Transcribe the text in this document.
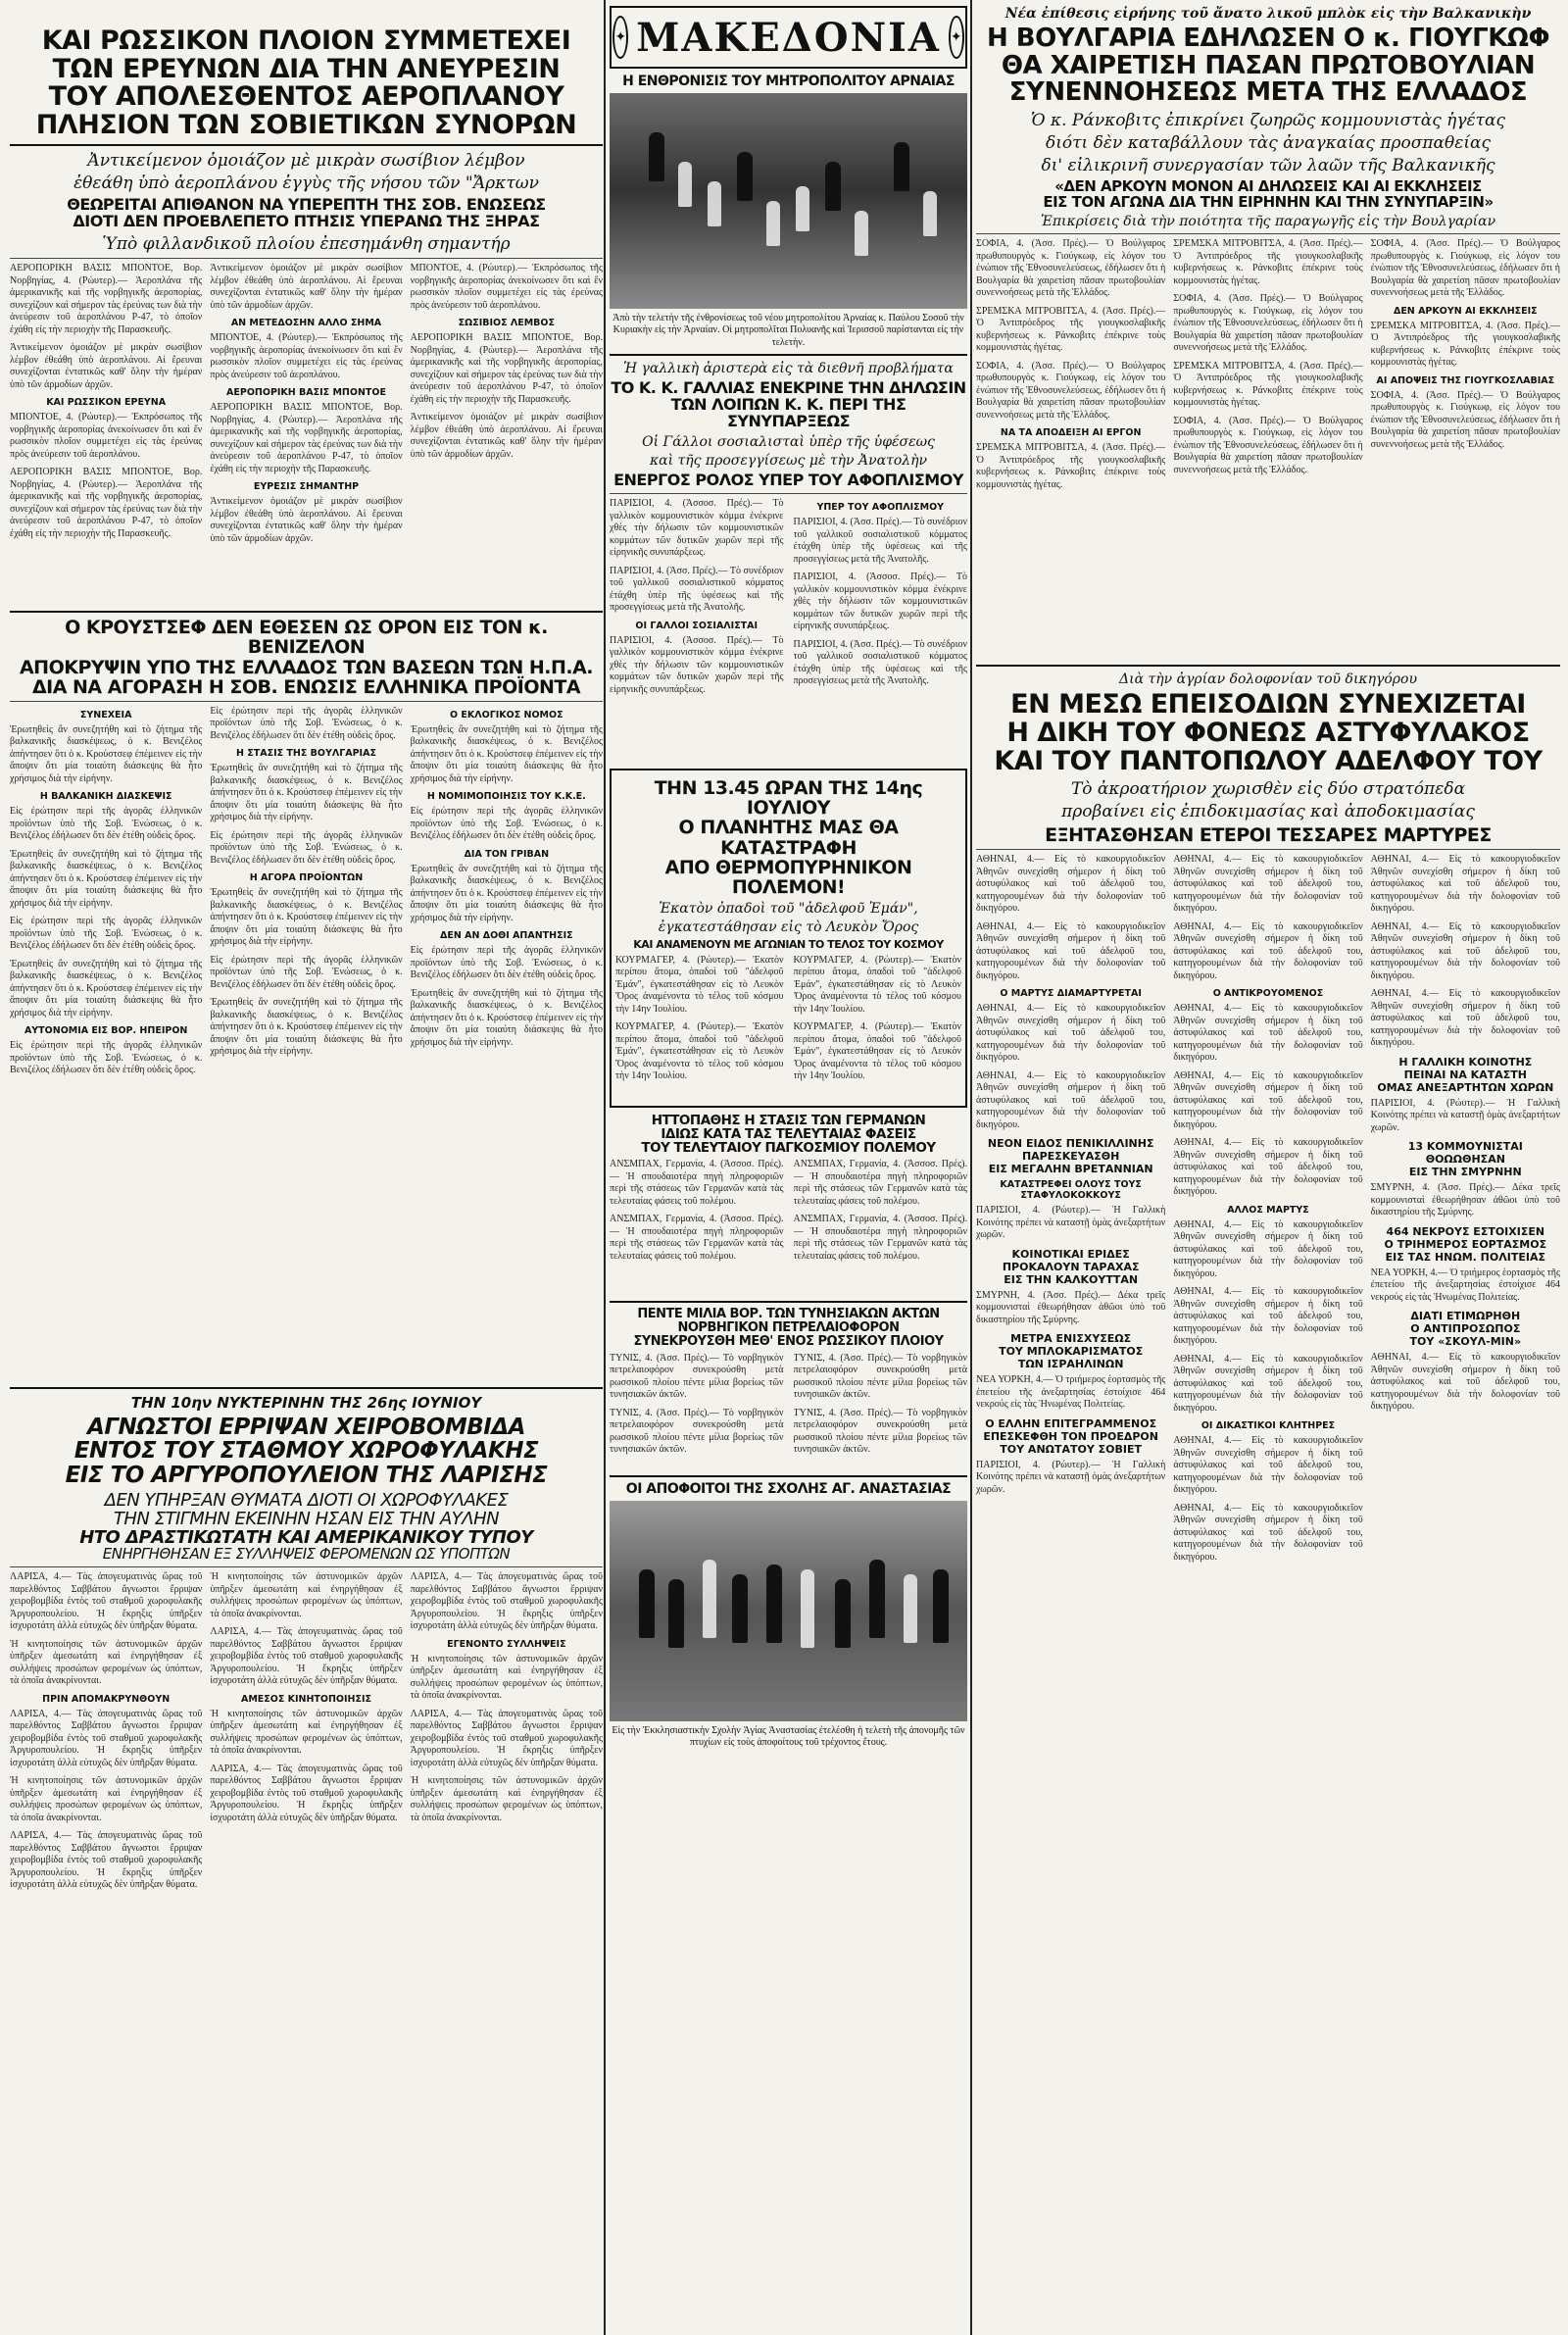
ΚΑΙ ΡΩΣΣΙΚΟΝ ΠΛΟΙΟΝ ΣΥΜΜΕΤΕΧΕΙ
ΤΩΝ ΕΡΕΥΝΩΝ ΔΙΑ ΤΗΝ ΑΝΕΥΡΕΣΙΝ
ΤΟΥ ΑΠΟΛΕΣΘΕΝΤΟΣ ΑΕΡΟΠΛΑΝΟΥ
ΠΛΗΣΙΟΝ ΤΩΝ ΣΟΒΙΕΤΙΚΩΝ ΣΥΝΟΡΩΝ
Ἀντικείμενον ὁμοιάζον μὲ μικρὰν σωσίβιον λέμβον
ἐθεάθη ὑπὸ ἀεροπλάνου ἐγγὺς τῆς νήσου τῶν "Ἄρκτων
ΘΕΩΡΕΙΤΑΙ ΑΠΙΘΑΝΟΝ ΝΑ ΥΠΕΡΕΠΤΗ ΤΗΣ ΣΟΒ. ΕΝΩΣΕΩΣ
ΔΙΟΤΙ ΔΕΝ ΠΡΟΕΒΛΕΠΕΤΟ ΠΤΗΣΙΣ ΥΠΕΡΑΝΩ ΤΗΣ ΞΗΡΑΣ
Ὑπὸ φιλλανδικοῦ πλοίου ἐπεσημάνθη σημαντήρ

ΑΕΡΟΠΟΡΙΚΗ ΒΑΣΙΣ ΜΠΟΝΤΟΕ, Βορ. Νορβηγίας, 4. (Ρώυτερ).— Ἀεροπλάνα τῆς ἀμερικανικῆς καὶ τῆς νορβηγικῆς ἀεροπορίας, συνεχίζουν καὶ σήμερον τὰς ἐρεύνας των διὰ τὴν ἀνεύρεσιν τοῦ ἀεροπλάνου P-47, τὸ ὁποῖον ἐχάθη εἰς τὴν περιοχὴν τῆς Παρασκευῆς.

Ἀντικείμενον ὁμοιάζον μὲ μικρὰν σωσίβιον λέμβον ἐθεάθη ὑπὸ ἀεροπλάνου. Αἱ ἔρευναι συνεχίζονται ἐντατικῶς καθ' ὅλην τὴν ἡμέραν ὑπὸ τῶν ἀρμοδίων ἀρχῶν.

ΚΑΙ ΡΩΣΣΙΚΟΝ ΕΡΕΥΝΑ

ΜΠΟΝΤΟΕ, 4. (Ρώυτερ).— Ἐκπρόσωπος τῆς νορβηγικῆς ἀεροπορίας ἀνεκοίνωσεν ὅτι καὶ ἕν ρωσσικὸν πλοῖον συμμετέχει εἰς τὰς ἐρεύνας πρὸς ἀνεύρεσιν τοῦ ἀεροπλάνου.

ΑΕΡΟΠΟΡΙΚΗ ΒΑΣΙΣ ΜΠΟΝΤΟΕ, Βορ. Νορβηγίας, 4. (Ρώυτερ).— Ἀεροπλάνα τῆς ἀμερικανικῆς καὶ τῆς νορβηγικῆς ἀεροπορίας, συνεχίζουν καὶ σήμερον τὰς ἐρεύνας των διὰ τὴν ἀνεύρεσιν τοῦ ἀεροπλάνου P-47, τὸ ὁποῖον ἐχάθη εἰς τὴν περιοχὴν τῆς Παρασκευῆς.

Ἀντικείμενον ὁμοιάζον μὲ μικρὰν σωσίβιον λέμβον ἐθεάθη ὑπὸ ἀεροπλάνου. Αἱ ἔρευναι συνεχίζονται ἐντατικῶς καθ' ὅλην τὴν ἡμέραν ὑπὸ τῶν ἀρμοδίων ἀρχῶν.

ΑΝ ΜΕΤΕΔΟΣΗΝ ΑΛΛΟ ΣΗΜΑ

ΜΠΟΝΤΟΕ, 4. (Ρώυτερ).— Ἐκπρόσωπος τῆς νορβηγικῆς ἀεροπορίας ἀνεκοίνωσεν ὅτι καὶ ἕν ρωσσικὸν πλοῖον συμμετέχει εἰς τὰς ἐρεύνας πρὸς ἀνεύρεσιν τοῦ ἀεροπλάνου.

ΑΕΡΟΠΟΡΙΚΗ ΒΑΣΙΣ ΜΠΟΝΤΟΕ

ΑΕΡΟΠΟΡΙΚΗ ΒΑΣΙΣ ΜΠΟΝΤΟΕ, Βορ. Νορβηγίας, 4. (Ρώυτερ).— Ἀεροπλάνα τῆς ἀμερικανικῆς καὶ τῆς νορβηγικῆς ἀεροπορίας, συνεχίζουν καὶ σήμερον τὰς ἐρεύνας των διὰ τὴν ἀνεύρεσιν τοῦ ἀεροπλάνου P-47, τὸ ὁποῖον ἐχάθη εἰς τὴν περιοχὴν τῆς Παρασκευῆς.

ΕΥΡΕΣΙΣ ΣΗΜΑΝΤΗΡ

Ἀντικείμενον ὁμοιάζον μὲ μικρὰν σωσίβιον λέμβον ἐθεάθη ὑπὸ ἀεροπλάνου. Αἱ ἔρευναι συνεχίζονται ἐντατικῶς καθ' ὅλην τὴν ἡμέραν ὑπὸ τῶν ἀρμοδίων ἀρχῶν.

ΜΠΟΝΤΟΕ, 4. (Ρώυτερ).— Ἐκπρόσωπος τῆς νορβηγικῆς ἀεροπορίας ἀνεκοίνωσεν ὅτι καὶ ἕν ρωσσικὸν πλοῖον συμμετέχει εἰς τὰς ἐρεύνας πρὸς ἀνεύρεσιν τοῦ ἀεροπλάνου.

ΣΩΣΙΒΙΟΣ ΛΕΜΒΟΣ

ΑΕΡΟΠΟΡΙΚΗ ΒΑΣΙΣ ΜΠΟΝΤΟΕ, Βορ. Νορβηγίας, 4. (Ρώυτερ).— Ἀεροπλάνα τῆς ἀμερικανικῆς καὶ τῆς νορβηγικῆς ἀεροπορίας, συνεχίζουν καὶ σήμερον τὰς ἐρεύνας των διὰ τὴν ἀνεύρεσιν τοῦ ἀεροπλάνου P-47, τὸ ὁποῖον ἐχάθη εἰς τὴν περιοχὴν τῆς Παρασκευῆς.

Ἀντικείμενον ὁμοιάζον μὲ μικρὰν σωσίβιον λέμβον ἐθεάθη ὑπὸ ἀεροπλάνου. Αἱ ἔρευναι συνεχίζονται ἐντατικῶς καθ' ὅλην τὴν ἡμέραν ὑπὸ τῶν ἀρμοδίων ἀρχῶν.

Ο ΚΡΟΥΣΤΣΕΦ ΔΕΝ ΕΘΕΣΕΝ ΩΣ ΟΡΟΝ ΕΙΣ ΤΟΝ κ. ΒΕΝΙΖΕΛΟΝ
ΑΠΟΚΡΥΨΙΝ ΥΠΟ ΤΗΣ ΕΛΛΑΔΟΣ ΤΩΝ ΒΑΣΕΩΝ ΤΩΝ Η.Π.Α.
ΔΙΑ ΝΑ ΑΓΟΡΑΣΗ Η ΣΟΒ. ΕΝΩΣΙΣ ΕΛΛΗΝΙΚΑ ΠΡΟΪΟΝΤΑ
ΣΥΝΕΧΕΙΑ

Ἐρωτηθεὶς ἂν συνεζητήθη καὶ τὸ ζήτημα τῆς βαλκανικῆς διασκέψεως, ὁ κ. Βενιζέλος ἀπήντησεν ὅτι ὁ κ. Κρούστσεφ ἐπέμεινεν εἰς τὴν ἄποψιν ὅτι μία τοιαύτη διάσκεψις θὰ ἦτο χρήσιμος διὰ τὴν εἰρήνην.

Η ΒΑΛΚΑΝΙΚΗ ΔΙΑΣΚΕΨΙΣ

Εἰς ἐρώτησιν περὶ τῆς ἀγορᾶς ἑλληνικῶν προϊόντων ὑπὸ τῆς Σοβ. Ἑνώσεως, ὁ κ. Βενιζέλος ἐδήλωσεν ὅτι δὲν ἐτέθη οὐδεὶς ὅρος.

Ἐρωτηθεὶς ἂν συνεζητήθη καὶ τὸ ζήτημα τῆς βαλκανικῆς διασκέψεως, ὁ κ. Βενιζέλος ἀπήντησεν ὅτι ὁ κ. Κρούστσεφ ἐπέμεινεν εἰς τὴν ἄποψιν ὅτι μία τοιαύτη διάσκεψις θὰ ἦτο χρήσιμος διὰ τὴν εἰρήνην.

Εἰς ἐρώτησιν περὶ τῆς ἀγορᾶς ἑλληνικῶν προϊόντων ὑπὸ τῆς Σοβ. Ἑνώσεως, ὁ κ. Βενιζέλος ἐδήλωσεν ὅτι δὲν ἐτέθη οὐδεὶς ὅρος.

Ἐρωτηθεὶς ἂν συνεζητήθη καὶ τὸ ζήτημα τῆς βαλκανικῆς διασκέψεως, ὁ κ. Βενιζέλος ἀπήντησεν ὅτι ὁ κ. Κρούστσεφ ἐπέμεινεν εἰς τὴν ἄποψιν ὅτι μία τοιαύτη διάσκεψις θὰ ἦτο χρήσιμος διὰ τὴν εἰρήνην.

ΑΥΤΟΝΟΜΙΑ ΕΙΣ ΒΟΡ. ΗΠΕΙΡΟΝ

Εἰς ἐρώτησιν περὶ τῆς ἀγορᾶς ἑλληνικῶν προϊόντων ὑπὸ τῆς Σοβ. Ἑνώσεως, ὁ κ. Βενιζέλος ἐδήλωσεν ὅτι δὲν ἐτέθη οὐδεὶς ὅρος.

Εἰς ἐρώτησιν περὶ τῆς ἀγορᾶς ἑλληνικῶν προϊόντων ὑπὸ τῆς Σοβ. Ἑνώσεως, ὁ κ. Βενιζέλος ἐδήλωσεν ὅτι δὲν ἐτέθη οὐδεὶς ὅρος.

Η ΣΤΑΣΙΣ ΤΗΣ ΒΟΥΛΓΑΡΙΑΣ

Ἐρωτηθεὶς ἂν συνεζητήθη καὶ τὸ ζήτημα τῆς βαλκανικῆς διασκέψεως, ὁ κ. Βενιζέλος ἀπήντησεν ὅτι ὁ κ. Κρούστσεφ ἐπέμεινεν εἰς τὴν ἄποψιν ὅτι μία τοιαύτη διάσκεψις θὰ ἦτο χρήσιμος διὰ τὴν εἰρήνην.

Εἰς ἐρώτησιν περὶ τῆς ἀγορᾶς ἑλληνικῶν προϊόντων ὑπὸ τῆς Σοβ. Ἑνώσεως, ὁ κ. Βενιζέλος ἐδήλωσεν ὅτι δὲν ἐτέθη οὐδεὶς ὅρος.

Η ΑΓΟΡΑ ΠΡΟΪΟΝΤΩΝ

Ἐρωτηθεὶς ἂν συνεζητήθη καὶ τὸ ζήτημα τῆς βαλκανικῆς διασκέψεως, ὁ κ. Βενιζέλος ἀπήντησεν ὅτι ὁ κ. Κρούστσεφ ἐπέμεινεν εἰς τὴν ἄποψιν ὅτι μία τοιαύτη διάσκεψις θὰ ἦτο χρήσιμος διὰ τὴν εἰρήνην.

Εἰς ἐρώτησιν περὶ τῆς ἀγορᾶς ἑλληνικῶν προϊόντων ὑπὸ τῆς Σοβ. Ἑνώσεως, ὁ κ. Βενιζέλος ἐδήλωσεν ὅτι δὲν ἐτέθη οὐδεὶς ὅρος.

Ἐρωτηθεὶς ἂν συνεζητήθη καὶ τὸ ζήτημα τῆς βαλκανικῆς διασκέψεως, ὁ κ. Βενιζέλος ἀπήντησεν ὅτι ὁ κ. Κρούστσεφ ἐπέμεινεν εἰς τὴν ἄποψιν ὅτι μία τοιαύτη διάσκεψις θὰ ἦτο χρήσιμος διὰ τὴν εἰρήνην.

Ο ΕΚΛΟΓΙΚΟΣ ΝΟΜΟΣ

Ἐρωτηθεὶς ἂν συνεζητήθη καὶ τὸ ζήτημα τῆς βαλκανικῆς διασκέψεως, ὁ κ. Βενιζέλος ἀπήντησεν ὅτι ὁ κ. Κρούστσεφ ἐπέμεινεν εἰς τὴν ἄποψιν ὅτι μία τοιαύτη διάσκεψις θὰ ἦτο χρήσιμος διὰ τὴν εἰρήνην.

Η ΝΟΜΙΜΟΠΟΙΗΣΙΣ ΤΟΥ Κ.Κ.Ε.

Εἰς ἐρώτησιν περὶ τῆς ἀγορᾶς ἑλληνικῶν προϊόντων ὑπὸ τῆς Σοβ. Ἑνώσεως, ὁ κ. Βενιζέλος ἐδήλωσεν ὅτι δὲν ἐτέθη οὐδεὶς ὅρος.

ΔΙΑ ΤΟΝ ΓΡΙΒΑΝ

Ἐρωτηθεὶς ἂν συνεζητήθη καὶ τὸ ζήτημα τῆς βαλκανικῆς διασκέψεως, ὁ κ. Βενιζέλος ἀπήντησεν ὅτι ὁ κ. Κρούστσεφ ἐπέμεινεν εἰς τὴν ἄποψιν ὅτι μία τοιαύτη διάσκεψις θὰ ἦτο χρήσιμος διὰ τὴν εἰρήνην.

ΔΕΝ ΑΝ ΔΟΘΙ ΑΠΑΝΤΗΣΙΣ

Εἰς ἐρώτησιν περὶ τῆς ἀγορᾶς ἑλληνικῶν προϊόντων ὑπὸ τῆς Σοβ. Ἑνώσεως, ὁ κ. Βενιζέλος ἐδήλωσεν ὅτι δὲν ἐτέθη οὐδεὶς ὅρος.

Ἐρωτηθεὶς ἂν συνεζητήθη καὶ τὸ ζήτημα τῆς βαλκανικῆς διασκέψεως, ὁ κ. Βενιζέλος ἀπήντησεν ὅτι ὁ κ. Κρούστσεφ ἐπέμεινεν εἰς τὴν ἄποψιν ὅτι μία τοιαύτη διάσκεψις θὰ ἦτο χρήσιμος διὰ τὴν εἰρήνην.

ΤΗΝ 10ην ΝΥΚΤΕΡΙΝΗΝ ΤΗΣ 26ης ΙΟΥΝΙΟΥ
ΑΓΝΩΣΤΟΙ ΕΡΡΙΨΑΝ ΧΕΙΡΟΒΟΜΒΙΔΑ
ΕΝΤΟΣ ΤΟΥ ΣΤΑΘΜΟΥ ΧΩΡΟΦΥΛΑΚΗΣ
ΕΙΣ ΤΟ ΑΡΓΥΡΟΠΟΥΛΕΙΟΝ ΤΗΣ ΛΑΡΙΣΗΣ
ΔΕΝ ΥΠΗΡΞΑΝ ΘΥΜΑΤΑ ΔΙΟΤΙ ΟΙ ΧΩΡΟΦΥΛΑΚΕΣ
ΤΗΝ ΣΤΙΓΜΗΝ ΕΚΕΙΝΗΝ ΗΣΑΝ ΕΙΣ ΤΗΝ ΑΥΛΗΝ
ΗΤΟ ΔΡΑΣΤΙΚΩΤΑΤΗ ΚΑΙ ΑΜΕΡΙΚΑΝΙΚΟΥ ΤΥΠΟΥ
ΕΝΗΡΓΗΘΗΣΑΝ ΕΞ ΣΥΛΛΗΨΕΙΣ ΦΕΡΟΜΕΝΩΝ ΩΣ ΥΠΟΠΤΩΝ

ΛΑΡΙΣΑ, 4.— Τὰς ἀπογευματινὰς ὥρας τοῦ παρελθόντος Σαββάτου ἄγνωστοι ἔρριψαν χειροβομβίδα ἐντὸς τοῦ σταθμοῦ χωροφυλακῆς Ἀργυροπουλείου. Ἡ ἔκρηξις ὑπῆρξεν ἰσχυροτάτη ἀλλὰ εὐτυχῶς δὲν ὑπῆρξαν θύματα.

Ἡ κινητοποίησις τῶν ἀστυνομικῶν ἀρχῶν ὑπῆρξεν ἀμεσωτάτη καὶ ἐνηργήθησαν ἐξ συλλήψεις προσώπων φερομένων ὡς ὑπόπτων, τὰ ὁποῖα ἀνακρίνονται.

ΠΡΙΝ ΑΠΟΜΑΚΡΥΝΘΟΥΝ

ΛΑΡΙΣΑ, 4.— Τὰς ἀπογευματινὰς ὥρας τοῦ παρελθόντος Σαββάτου ἄγνωστοι ἔρριψαν χειροβομβίδα ἐντὸς τοῦ σταθμοῦ χωροφυλακῆς Ἀργυροπουλείου. Ἡ ἔκρηξις ὑπῆρξεν ἰσχυροτάτη ἀλλὰ εὐτυχῶς δὲν ὑπῆρξαν θύματα.

Ἡ κινητοποίησις τῶν ἀστυνομικῶν ἀρχῶν ὑπῆρξεν ἀμεσωτάτη καὶ ἐνηργήθησαν ἐξ συλλήψεις προσώπων φερομένων ὡς ὑπόπτων, τὰ ὁποῖα ἀνακρίνονται.

ΛΑΡΙΣΑ, 4.— Τὰς ἀπογευματινὰς ὥρας τοῦ παρελθόντος Σαββάτου ἄγνωστοι ἔρριψαν χειροβομβίδα ἐντὸς τοῦ σταθμοῦ χωροφυλακῆς Ἀργυροπουλείου. Ἡ ἔκρηξις ὑπῆρξεν ἰσχυροτάτη ἀλλὰ εὐτυχῶς δὲν ὑπῆρξαν θύματα.

Ἡ κινητοποίησις τῶν ἀστυνομικῶν ἀρχῶν ὑπῆρξεν ἀμεσωτάτη καὶ ἐνηργήθησαν ἐξ συλλήψεις προσώπων φερομένων ὡς ὑπόπτων, τὰ ὁποῖα ἀνακρίνονται.

ΛΑΡΙΣΑ, 4.— Τὰς ἀπογευματινὰς ὥρας τοῦ παρελθόντος Σαββάτου ἄγνωστοι ἔρριψαν χειροβομβίδα ἐντὸς τοῦ σταθμοῦ χωροφυλακῆς Ἀργυροπουλείου. Ἡ ἔκρηξις ὑπῆρξεν ἰσχυροτάτη ἀλλὰ εὐτυχῶς δὲν ὑπῆρξαν θύματα.

ΑΜΕΣΟΣ ΚΙΝΗΤΟΠΟΙΗΣΙΣ

Ἡ κινητοποίησις τῶν ἀστυνομικῶν ἀρχῶν ὑπῆρξεν ἀμεσωτάτη καὶ ἐνηργήθησαν ἐξ συλλήψεις προσώπων φερομένων ὡς ὑπόπτων, τὰ ὁποῖα ἀνακρίνονται.

ΛΑΡΙΣΑ, 4.— Τὰς ἀπογευματινὰς ὥρας τοῦ παρελθόντος Σαββάτου ἄγνωστοι ἔρριψαν χειροβομβίδα ἐντὸς τοῦ σταθμοῦ χωροφυλακῆς Ἀργυροπουλείου. Ἡ ἔκρηξις ὑπῆρξεν ἰσχυροτάτη ἀλλὰ εὐτυχῶς δὲν ὑπῆρξαν θύματα.

ΛΑΡΙΣΑ, 4.— Τὰς ἀπογευματινὰς ὥρας τοῦ παρελθόντος Σαββάτου ἄγνωστοι ἔρριψαν χειροβομβίδα ἐντὸς τοῦ σταθμοῦ χωροφυλακῆς Ἀργυροπουλείου. Ἡ ἔκρηξις ὑπῆρξεν ἰσχυροτάτη ἀλλὰ εὐτυχῶς δὲν ὑπῆρξαν θύματα.

ΕΓΕΝΟΝΤΟ ΣΥΛΛΗΨΕΙΣ

Ἡ κινητοποίησις τῶν ἀστυνομικῶν ἀρχῶν ὑπῆρξεν ἀμεσωτάτη καὶ ἐνηργήθησαν ἐξ συλλήψεις προσώπων φερομένων ὡς ὑπόπτων, τὰ ὁποῖα ἀνακρίνονται.

ΛΑΡΙΣΑ, 4.— Τὰς ἀπογευματινὰς ὥρας τοῦ παρελθόντος Σαββάτου ἄγνωστοι ἔρριψαν χειροβομβίδα ἐντὸς τοῦ σταθμοῦ χωροφυλακῆς Ἀργυροπουλείου. Ἡ ἔκρηξις ὑπῆρξεν ἰσχυροτάτη ἀλλὰ εὐτυχῶς δὲν ὑπῆρξαν θύματα.

Ἡ κινητοποίησις τῶν ἀστυνομικῶν ἀρχῶν ὑπῆρξεν ἀμεσωτάτη καὶ ἐνηργήθησαν ἐξ συλλήψεις προσώπων φερομένων ὡς ὑπόπτων, τὰ ὁποῖα ἀνακρίνονται.

✦ ΜΑΚΕΔΟΝΙΑ ✦
Η ΕΝΘΡΟΝΙΣΙΣ ΤΟΥ ΜΗΤΡΟΠΟΛΙΤΟΥ ΑΡΝΑΙΑΣ
Ἀπὸ τὴν τελετὴν τῆς ἐνθρονίσεως τοῦ νέου μητροπολίτου Ἀρναίας κ. Παύλου Σοσοῦ τὴν Κυριακὴν εἰς τὴν Ἀρναίαν. Οἱ μητροπολῖται Πολυανῆς καὶ Ἱερισσοῦ παρίστανται εἰς τὴν τελετὴν.
Ἡ γαλλικὴ ἀριστερὰ εἰς τὰ διεθνῆ προβλήματα
ΤΟ Κ. Κ. ΓΑΛΛΙΑΣ ΕΝΕΚΡΙΝΕ ΤΗΝ ΔΗΛΩΣΙΝ
ΤΩΝ ΛΟΙΠΩΝ Κ. Κ. ΠΕΡΙ ΤΗΣ ΣΥΝΥΠΑΡΞΕΩΣ
Οἱ Γάλλοι σοσιαλισταὶ ὑπὲρ τῆς ὑφέσεως
καὶ τῆς προσεγγίσεως μὲ τὴν Ἀνατολὴν
ΕΝΕΡΓΟΣ ΡΟΛΟΣ ΥΠΕΡ ΤΟΥ ΑΦΟΠΛΙΣΜΟΥ

ΠΑΡΙΣΙΟΙ, 4. (Ἀσσοσ. Πρές).— Τὸ γαλλικὸν κομμουνιστικὸν κόμμα ἐνέκρινε χθὲς τὴν δήλωσιν τῶν κομμουνιστικῶν κομμάτων τῶν δυτικῶν χωρῶν περὶ τῆς εἰρηνικῆς συνυπάρξεως.

ΠΑΡΙΣΙΟΙ, 4. (Ἀσσ. Πρές).— Τὸ συνέδριον τοῦ γαλλικοῦ σοσιαλιστικοῦ κόμματος ἐτάχθη ὑπὲρ τῆς ὑφέσεως καὶ τῆς προσεγγίσεως μετὰ τῆς Ἀνατολῆς.

ΟΙ ΓΑΛΛΟΙ ΣΟΣΙΑΛΙΣΤΑΙ

ΠΑΡΙΣΙΟΙ, 4. (Ἀσσοσ. Πρές).— Τὸ γαλλικὸν κομμουνιστικὸν κόμμα ἐνέκρινε χθὲς τὴν δήλωσιν τῶν κομμουνιστικῶν κομμάτων τῶν δυτικῶν χωρῶν περὶ τῆς εἰρηνικῆς συνυπάρξεως.

ΥΠΕΡ ΤΟΥ ΑΦΟΠΛΙΣΜΟΥ

ΠΑΡΙΣΙΟΙ, 4. (Ἀσσ. Πρές).— Τὸ συνέδριον τοῦ γαλλικοῦ σοσιαλιστικοῦ κόμματος ἐτάχθη ὑπὲρ τῆς ὑφέσεως καὶ τῆς προσεγγίσεως μετὰ τῆς Ἀνατολῆς.

ΠΑΡΙΣΙΟΙ, 4. (Ἀσσοσ. Πρές).— Τὸ γαλλικὸν κομμουνιστικὸν κόμμα ἐνέκρινε χθὲς τὴν δήλωσιν τῶν κομμουνιστικῶν κομμάτων τῶν δυτικῶν χωρῶν περὶ τῆς εἰρηνικῆς συνυπάρξεως.

ΠΑΡΙΣΙΟΙ, 4. (Ἀσσ. Πρές).— Τὸ συνέδριον τοῦ γαλλικοῦ σοσιαλιστικοῦ κόμματος ἐτάχθη ὑπὲρ τῆς ὑφέσεως καὶ τῆς προσεγγίσεως μετὰ τῆς Ἀνατολῆς.

ΤΗΝ 13.45 ΩΡΑΝ ΤΗΣ 14ης ΙΟΥΛΙΟΥ
Ο ΠΛΑΝΗΤΗΣ ΜΑΣ ΘΑ ΚΑΤΑΣΤΡΑΦΗ
ΑΠΟ ΘΕΡΜΟΠΥΡΗΝΙΚΟΝ ΠΟΛΕΜΟΝ!
Ἑκατὸν ὀπαδοὶ τοῦ "ἀδελφοῦ Ἐμάν",
ἐγκατεστάθησαν εἰς τὸ Λευκὸν Ὄρος
ΚΑΙ ΑΝΑΜΕΝΟΥΝ ΜΕ ΑΓΩΝΙΑΝ ΤΟ ΤΕΛΟΣ ΤΟΥ ΚΟΣΜΟΥ

ΚΟΥΡΜΑΓΕΡ, 4. (Ρώυτερ).— Ἑκατὸν περίπου ἄτομα, ὀπαδοὶ τοῦ "ἀδελφοῦ Ἐμάν", ἐγκατεστάθησαν εἰς τὸ Λευκὸν Ὄρος ἀναμένοντα τὸ τέλος τοῦ κόσμου τὴν 14ην Ἰουλίου.

ΚΟΥΡΜΑΓΕΡ, 4. (Ρώυτερ).— Ἑκατὸν περίπου ἄτομα, ὀπαδοὶ τοῦ "ἀδελφοῦ Ἐμάν", ἐγκατεστάθησαν εἰς τὸ Λευκὸν Ὄρος ἀναμένοντα τὸ τέλος τοῦ κόσμου τὴν 14ην Ἰουλίου.

ΚΟΥΡΜΑΓΕΡ, 4. (Ρώυτερ).— Ἑκατὸν περίπου ἄτομα, ὀπαδοὶ τοῦ "ἀδελφοῦ Ἐμάν", ἐγκατεστάθησαν εἰς τὸ Λευκὸν Ὄρος ἀναμένοντα τὸ τέλος τοῦ κόσμου τὴν 14ην Ἰουλίου.

ΚΟΥΡΜΑΓΕΡ, 4. (Ρώυτερ).— Ἑκατὸν περίπου ἄτομα, ὀπαδοὶ τοῦ "ἀδελφοῦ Ἐμάν", ἐγκατεστάθησαν εἰς τὸ Λευκὸν Ὄρος ἀναμένοντα τὸ τέλος τοῦ κόσμου τὴν 14ην Ἰουλίου.

ΗΤΤΟΠΑΘΗΣ Η ΣΤΑΣΙΣ ΤΩΝ ΓΕΡΜΑΝΩΝ
ΙΔΙΩΣ ΚΑΤΑ ΤΑΣ ΤΕΛΕΥΤΑΙΑΣ ΦΑΣΕΙΣ
ΤΟΥ ΤΕΛΕΥΤΑΙΟΥ ΠΑΓΚΟΣΜΙΟΥ ΠΟΛΕΜΟΥ

ΑΝΣΜΠΑΧ, Γερμανία, 4. (Ἀσσοσ. Πρές).— Ἡ σπουδαιοτέρα πηγὴ πληροφοριῶν περὶ τῆς στάσεως τῶν Γερμανῶν κατὰ τὰς τελευταίας φάσεις τοῦ πολέμου.

ΑΝΣΜΠΑΧ, Γερμανία, 4. (Ἀσσοσ. Πρές).— Ἡ σπουδαιοτέρα πηγὴ πληροφοριῶν περὶ τῆς στάσεως τῶν Γερμανῶν κατὰ τὰς τελευταίας φάσεις τοῦ πολέμου.

ΑΝΣΜΠΑΧ, Γερμανία, 4. (Ἀσσοσ. Πρές).— Ἡ σπουδαιοτέρα πηγὴ πληροφοριῶν περὶ τῆς στάσεως τῶν Γερμανῶν κατὰ τὰς τελευταίας φάσεις τοῦ πολέμου.

ΑΝΣΜΠΑΧ, Γερμανία, 4. (Ἀσσοσ. Πρές).— Ἡ σπουδαιοτέρα πηγὴ πληροφοριῶν περὶ τῆς στάσεως τῶν Γερμανῶν κατὰ τὰς τελευταίας φάσεις τοῦ πολέμου.

ΠΕΝΤΕ ΜΙΛΙΑ ΒΟΡ. ΤΩΝ ΤΥΝΗΣΙΑΚΩΝ ΑΚΤΩΝ
ΝΟΡΒΗΓΙΚΟΝ ΠΕΤΡΕΛΑΙΟΦΟΡΟΝ
ΣΥΝΕΚΡΟΥΣΘΗ ΜΕΘ' ΕΝΟΣ ΡΩΣΣΙΚΟΥ ΠΛΟΙΟΥ

ΤΥΝΙΣ, 4. (Ἀσσ. Πρές).— Τὸ νορβηγικὸν πετρελαιοφόρον συνεκρούσθη μετὰ ρωσσικοῦ πλοίου πέντε μίλια βορείως τῶν τυνησιακῶν ἀκτῶν.

ΤΥΝΙΣ, 4. (Ἀσσ. Πρές).— Τὸ νορβηγικὸν πετρελαιοφόρον συνεκρούσθη μετὰ ρωσσικοῦ πλοίου πέντε μίλια βορείως τῶν τυνησιακῶν ἀκτῶν.

ΤΥΝΙΣ, 4. (Ἀσσ. Πρές).— Τὸ νορβηγικὸν πετρελαιοφόρον συνεκρούσθη μετὰ ρωσσικοῦ πλοίου πέντε μίλια βορείως τῶν τυνησιακῶν ἀκτῶν.

ΤΥΝΙΣ, 4. (Ἀσσ. Πρές).— Τὸ νορβηγικὸν πετρελαιοφόρον συνεκρούσθη μετὰ ρωσσικοῦ πλοίου πέντε μίλια βορείως τῶν τυνησιακῶν ἀκτῶν.

ΟΙ ΑΠΟΦΟΙΤΟΙ ΤΗΣ ΣΧΟΛΗΣ ΑΓ. ΑΝΑΣΤΑΣΙΑΣ
Εἰς τὴν Ἐκκλησιαστικὴν Σχολὴν Ἁγίας Ἀναστασίας ἐτελέσθη ἡ τελετὴ τῆς ἀπονομῆς τῶν πτυχίων εἰς τοὺς ἀποφοίτους τοῦ τρέχοντος ἔτους.
Νέα ἐπίθεσις εἰρήνης τοῦ ἄνατο λικοῦ μπλὸκ εἰς τὴν Βαλκανικὴν
Η ΒΟΥΛΓΑΡΙΑ ΕΔΗΛΩΣΕΝ Ο κ. ΓΙΟΥΓΚΩΦ
ΘΑ ΧΑΙΡΕΤΙΣΗ ΠΑΣΑΝ ΠΡΩΤΟΒΟΥΛΙΑΝ
ΣΥΝΕΝΝΟΗΣΕΩΣ ΜΕΤΑ ΤΗΣ ΕΛΛΑΔΟΣ
Ὁ κ. Ράνκοβιτς ἐπικρίνει ζωηρῶς κομμουνιστὰς ἡγέτας
διότι δὲν καταβάλλουν τὰς ἀναγκαίας προσπαθείας
δι' εἰλικρινῆ συνεργασίαν τῶν λαῶν τῆς Βαλκανικῆς
«ΔΕΝ ΑΡΚΟΥΝ ΜΟΝΟΝ ΑΙ ΔΗΛΩΣΕΙΣ ΚΑΙ ΑΙ ΕΚΚΛΗΣΕΙΣ
ΕΙΣ ΤΟΝ ΑΓΩΝΑ ΔΙΑ ΤΗΝ ΕΙΡΗΝΗΝ ΚΑΙ ΤΗΝ ΣΥΝΥΠΑΡΞΙΝ»
Ἐπικρίσεις διὰ τὴν ποιότητα τῆς παραγωγῆς εἰς τὴν Βουλγαρίαν

ΣΟΦΙΑ, 4. (Ἀσσ. Πρές).— Ὁ Βούλγαρος πρωθυπουργὸς κ. Γιούγκωφ, εἰς λόγον του ἐνώπιον τῆς Ἐθνοσυνελεύσεως, ἐδήλωσεν ὅτι ἡ Βουλγαρία θὰ χαιρετίση πᾶσαν πρωτοβουλίαν συνεννοήσεως μετὰ τῆς Ἑλλάδος.

ΣΡΕΜΣΚΑ ΜΙΤΡΟΒΙΤΣΑ, 4. (Ἀσσ. Πρές).— Ὁ Ἀντιπρόεδρος τῆς γιουγκοσλαβικῆς κυβερνήσεως κ. Ράνκοβιτς ἐπέκρινε τοὺς κομμουνιστὰς ἡγέτας.

ΣΟΦΙΑ, 4. (Ἀσσ. Πρές).— Ὁ Βούλγαρος πρωθυπουργὸς κ. Γιούγκωφ, εἰς λόγον του ἐνώπιον τῆς Ἐθνοσυνελεύσεως, ἐδήλωσεν ὅτι ἡ Βουλγαρία θὰ χαιρετίση πᾶσαν πρωτοβουλίαν συνεννοήσεως μετὰ τῆς Ἑλλάδος.

ΝΑ ΤΑ ΑΠΟΔΕΙΞΗ ΑΙ ΕΡΓΟΝ

ΣΡΕΜΣΚΑ ΜΙΤΡΟΒΙΤΣΑ, 4. (Ἀσσ. Πρές).— Ὁ Ἀντιπρόεδρος τῆς γιουγκοσλαβικῆς κυβερνήσεως κ. Ράνκοβιτς ἐπέκρινε τοὺς κομμουνιστὰς ἡγέτας.

ΣΡΕΜΣΚΑ ΜΙΤΡΟΒΙΤΣΑ, 4. (Ἀσσ. Πρές).— Ὁ Ἀντιπρόεδρος τῆς γιουγκοσλαβικῆς κυβερνήσεως κ. Ράνκοβιτς ἐπέκρινε τοὺς κομμουνιστὰς ἡγέτας.

ΣΟΦΙΑ, 4. (Ἀσσ. Πρές).— Ὁ Βούλγαρος πρωθυπουργὸς κ. Γιούγκωφ, εἰς λόγον του ἐνώπιον τῆς Ἐθνοσυνελεύσεως, ἐδήλωσεν ὅτι ἡ Βουλγαρία θὰ χαιρετίση πᾶσαν πρωτοβουλίαν συνεννοήσεως μετὰ τῆς Ἑλλάδος.

ΣΡΕΜΣΚΑ ΜΙΤΡΟΒΙΤΣΑ, 4. (Ἀσσ. Πρές).— Ὁ Ἀντιπρόεδρος τῆς γιουγκοσλαβικῆς κυβερνήσεως κ. Ράνκοβιτς ἐπέκρινε τοὺς κομμουνιστὰς ἡγέτας.

ΣΟΦΙΑ, 4. (Ἀσσ. Πρές).— Ὁ Βούλγαρος πρωθυπουργὸς κ. Γιούγκωφ, εἰς λόγον του ἐνώπιον τῆς Ἐθνοσυνελεύσεως, ἐδήλωσεν ὅτι ἡ Βουλγαρία θὰ χαιρετίση πᾶσαν πρωτοβουλίαν συνεννοήσεως μετὰ τῆς Ἑλλάδος.

ΣΟΦΙΑ, 4. (Ἀσσ. Πρές).— Ὁ Βούλγαρος πρωθυπουργὸς κ. Γιούγκωφ, εἰς λόγον του ἐνώπιον τῆς Ἐθνοσυνελεύσεως, ἐδήλωσεν ὅτι ἡ Βουλγαρία θὰ χαιρετίση πᾶσαν πρωτοβουλίαν συνεννοήσεως μετὰ τῆς Ἑλλάδος.

ΔΕΝ ΑΡΚΟΥΝ ΑΙ ΕΚΚΛΗΣΕΙΣ

ΣΡΕΜΣΚΑ ΜΙΤΡΟΒΙΤΣΑ, 4. (Ἀσσ. Πρές).— Ὁ Ἀντιπρόεδρος τῆς γιουγκοσλαβικῆς κυβερνήσεως κ. Ράνκοβιτς ἐπέκρινε τοὺς κομμουνιστὰς ἡγέτας.

ΑΙ ΑΠΟΨΕΙΣ ΤΗΣ ΓΙΟΥΓΚΟΣΛΑΒΙΑΣ

ΣΟΦΙΑ, 4. (Ἀσσ. Πρές).— Ὁ Βούλγαρος πρωθυπουργὸς κ. Γιούγκωφ, εἰς λόγον του ἐνώπιον τῆς Ἐθνοσυνελεύσεως, ἐδήλωσεν ὅτι ἡ Βουλγαρία θὰ χαιρετίση πᾶσαν πρωτοβουλίαν συνεννοήσεως μετὰ τῆς Ἑλλάδος.

Διὰ τὴν ἀγρίαν δολοφονίαν τοῦ δικηγόρου
ΕΝ ΜΕΣΩ ΕΠΕΙΣΟΔΙΩΝ ΣΥΝΕΧΙΖΕΤΑΙ
Η ΔΙΚΗ ΤΟΥ ΦΟΝΕΩΣ ΑΣΤΥΦΥΛΑΚΟΣ
ΚΑΙ ΤΟΥ ΠΑΝΤΟΠΩΛΟΥ ΑΔΕΛΦΟΥ ΤΟΥ
Τὸ ἀκροατήριον χωρισθὲν εἰς δύο στρατόπεδα
προβαίνει εἰς ἐπιδοκιμασίας καὶ ἀποδοκιμασίας
ΕΞΗΤΑΣΘΗΣΑΝ ΕΤΕΡΟΙ ΤΕΣΣΑΡΕΣ ΜΑΡΤΥΡΕΣ

ΑΘΗΝΑΙ, 4.— Εἰς τὸ κακουργιοδικεῖον Ἀθηνῶν συνεχίσθη σήμερον ἡ δίκη τοῦ ἀστυφύλακος καὶ τοῦ ἀδελφοῦ του, κατηγορουμένων διὰ τὴν δολοφονίαν τοῦ δικηγόρου.

ΑΘΗΝΑΙ, 4.— Εἰς τὸ κακουργιοδικεῖον Ἀθηνῶν συνεχίσθη σήμερον ἡ δίκη τοῦ ἀστυφύλακος καὶ τοῦ ἀδελφοῦ του, κατηγορουμένων διὰ τὴν δολοφονίαν τοῦ δικηγόρου.

Ο ΜΑΡΤΥΣ ΔΙΑΜΑΡΤΥΡΕΤΑΙ

ΑΘΗΝΑΙ, 4.— Εἰς τὸ κακουργιοδικεῖον Ἀθηνῶν συνεχίσθη σήμερον ἡ δίκη τοῦ ἀστυφύλακος καὶ τοῦ ἀδελφοῦ του, κατηγορουμένων διὰ τὴν δολοφονίαν τοῦ δικηγόρου.

ΑΘΗΝΑΙ, 4.— Εἰς τὸ κακουργιοδικεῖον Ἀθηνῶν συνεχίσθη σήμερον ἡ δίκη τοῦ ἀστυφύλακος καὶ τοῦ ἀδελφοῦ του, κατηγορουμένων διὰ τὴν δολοφονίαν τοῦ δικηγόρου.

ΝΕΟΝ ΕΙΔΟΣ ΠΕΝΙΚΙΛΛΙΝΗΣ
ΠΑΡΕΣΚΕΥΑΣΘΗ
ΕΙΣ ΜΕΓΑΛΗΝ ΒΡΕΤΑΝΝΙΑΝ
ΚΑΤΑΣΤΡΕΦΕΙ ΟΛΟΥΣ ΤΟΥΣ ΣΤΑΦΥΛΟΚΟΚΚΟΥΣ

ΠΑΡΙΣΙΟΙ, 4. (Ρώυτερ).— Ἡ Γαλλικὴ Κοινότης πρέπει νὰ καταστῇ ὁμὰς ἀνεξαρτήτων χωρῶν.

ΚΟΙΝΟΤΙΚΑΙ ΕΡΙΔΕΣ
ΠΡΟΚΑΛΟΥΝ ΤΑΡΑΧΑΣ
ΕΙΣ ΤΗΝ ΚΑΛΚΟΥΤΤΑΝ

ΣΜΥΡΝΗ, 4. (Ἀσσ. Πρές).— Δέκα τρεῖς κομμουνισταὶ ἐθεωρήθησαν ἀθῶοι ὑπὸ τοῦ δικαστηρίου τῆς Σμύρνης.

ΜΕΤΡΑ ΕΝΙΣΧΥΣΕΩΣ
ΤΟΥ ΜΠΛΟΚΑΡΙΣΜΑΤΟΣ
ΤΩΝ ΙΣΡΑΗΛΙΝΩΝ

ΝΕΑ ΥΟΡΚΗ, 4.— Ὁ τριήμερος ἑορτασμὸς τῆς ἐπετείου τῆς ἀνεξαρτησίας ἐστοίχισε 464 νεκρούς εἰς τὰς Ἡνωμένας Πολιτείας.

Ο ΕΛΛΗΝ ΕΠΙΤΕΓΡΑΜΜΕΝΟΣ
ΕΠΕΣΚΕΦΘΗ ΤΟΝ ΠΡΟΕΔΡΟΝ
ΤΟΥ ΑΝΩΤΑΤΟΥ ΣΟΒΙΕΤ

ΠΑΡΙΣΙΟΙ, 4. (Ρώυτερ).— Ἡ Γαλλικὴ Κοινότης πρέπει νὰ καταστῇ ὁμὰς ἀνεξαρτήτων χωρῶν.

ΑΘΗΝΑΙ, 4.— Εἰς τὸ κακουργιοδικεῖον Ἀθηνῶν συνεχίσθη σήμερον ἡ δίκη τοῦ ἀστυφύλακος καὶ τοῦ ἀδελφοῦ του, κατηγορουμένων διὰ τὴν δολοφονίαν τοῦ δικηγόρου.

ΑΘΗΝΑΙ, 4.— Εἰς τὸ κακουργιοδικεῖον Ἀθηνῶν συνεχίσθη σήμερον ἡ δίκη τοῦ ἀστυφύλακος καὶ τοῦ ἀδελφοῦ του, κατηγορουμένων διὰ τὴν δολοφονίαν τοῦ δικηγόρου.

Ο ΑΝΤΙΚΡΟΥΟΜΕΝΟΣ

ΑΘΗΝΑΙ, 4.— Εἰς τὸ κακουργιοδικεῖον Ἀθηνῶν συνεχίσθη σήμερον ἡ δίκη τοῦ ἀστυφύλακος καὶ τοῦ ἀδελφοῦ του, κατηγορουμένων διὰ τὴν δολοφονίαν τοῦ δικηγόρου.

ΑΘΗΝΑΙ, 4.— Εἰς τὸ κακουργιοδικεῖον Ἀθηνῶν συνεχίσθη σήμερον ἡ δίκη τοῦ ἀστυφύλακος καὶ τοῦ ἀδελφοῦ του, κατηγορουμένων διὰ τὴν δολοφονίαν τοῦ δικηγόρου.

ΑΘΗΝΑΙ, 4.— Εἰς τὸ κακουργιοδικεῖον Ἀθηνῶν συνεχίσθη σήμερον ἡ δίκη τοῦ ἀστυφύλακος καὶ τοῦ ἀδελφοῦ του, κατηγορουμένων διὰ τὴν δολοφονίαν τοῦ δικηγόρου.

ΑΛΛΟΣ ΜΑΡΤΥΣ

ΑΘΗΝΑΙ, 4.— Εἰς τὸ κακουργιοδικεῖον Ἀθηνῶν συνεχίσθη σήμερον ἡ δίκη τοῦ ἀστυφύλακος καὶ τοῦ ἀδελφοῦ του, κατηγορουμένων διὰ τὴν δολοφονίαν τοῦ δικηγόρου.

ΑΘΗΝΑΙ, 4.— Εἰς τὸ κακουργιοδικεῖον Ἀθηνῶν συνεχίσθη σήμερον ἡ δίκη τοῦ ἀστυφύλακος καὶ τοῦ ἀδελφοῦ του, κατηγορουμένων διὰ τὴν δολοφονίαν τοῦ δικηγόρου.

ΑΘΗΝΑΙ, 4.— Εἰς τὸ κακουργιοδικεῖον Ἀθηνῶν συνεχίσθη σήμερον ἡ δίκη τοῦ ἀστυφύλακος καὶ τοῦ ἀδελφοῦ του, κατηγορουμένων διὰ τὴν δολοφονίαν τοῦ δικηγόρου.

ΟΙ ΔΙΚΑΣΤΙΚΟΙ ΚΛΗΤΗΡΕΣ

ΑΘΗΝΑΙ, 4.— Εἰς τὸ κακουργιοδικεῖον Ἀθηνῶν συνεχίσθη σήμερον ἡ δίκη τοῦ ἀστυφύλακος καὶ τοῦ ἀδελφοῦ του, κατηγορουμένων διὰ τὴν δολοφονίαν τοῦ δικηγόρου.

ΑΘΗΝΑΙ, 4.— Εἰς τὸ κακουργιοδικεῖον Ἀθηνῶν συνεχίσθη σήμερον ἡ δίκη τοῦ ἀστυφύλακος καὶ τοῦ ἀδελφοῦ του, κατηγορουμένων διὰ τὴν δολοφονίαν τοῦ δικηγόρου.

ΑΘΗΝΑΙ, 4.— Εἰς τὸ κακουργιοδικεῖον Ἀθηνῶν συνεχίσθη σήμερον ἡ δίκη τοῦ ἀστυφύλακος καὶ τοῦ ἀδελφοῦ του, κατηγορουμένων διὰ τὴν δολοφονίαν τοῦ δικηγόρου.

ΑΘΗΝΑΙ, 4.— Εἰς τὸ κακουργιοδικεῖον Ἀθηνῶν συνεχίσθη σήμερον ἡ δίκη τοῦ ἀστυφύλακος καὶ τοῦ ἀδελφοῦ του, κατηγορουμένων διὰ τὴν δολοφονίαν τοῦ δικηγόρου.

ΑΘΗΝΑΙ, 4.— Εἰς τὸ κακουργιοδικεῖον Ἀθηνῶν συνεχίσθη σήμερον ἡ δίκη τοῦ ἀστυφύλακος καὶ τοῦ ἀδελφοῦ του, κατηγορουμένων διὰ τὴν δολοφονίαν τοῦ δικηγόρου.

Η ΓΑΛΛΙΚΗ ΚΟΙΝΟΤΗΣ
ΠΕΙΝΑΙ ΝΑ ΚΑΤΑΣΤΗ
ΟΜΑΣ ΑΝΕΞΑΡΤΗΤΩΝ ΧΩΡΩΝ

ΠΑΡΙΣΙΟΙ, 4. (Ρώυτερ).— Ἡ Γαλλικὴ Κοινότης πρέπει νὰ καταστῇ ὁμὰς ἀνεξαρτήτων χωρῶν.

13 ΚΟΜΜΟΥΝΙΣΤΑΙ
ΘΟΩΩΘΗΣΑΝ
ΕΙΣ ΤΗΝ ΣΜΥΡΝΗΝ

ΣΜΥΡΝΗ, 4. (Ἀσσ. Πρές).— Δέκα τρεῖς κομμουνισταὶ ἐθεωρήθησαν ἀθῶοι ὑπὸ τοῦ δικαστηρίου τῆς Σμύρνης.

464 ΝΕΚΡΟΥΣ ΕΣΤΟΙΧΙΣΕΝ
Ο ΤΡΙΗΜΕΡΟΣ ΕΟΡΤΑΣΜΟΣ
ΕΙΣ ΤΑΣ ΗΝΩΜ. ΠΟΛΙΤΕΙΑΣ

ΝΕΑ ΥΟΡΚΗ, 4.— Ὁ τριήμερος ἑορτασμὸς τῆς ἐπετείου τῆς ἀνεξαρτησίας ἐστοίχισε 464 νεκρούς εἰς τὰς Ἡνωμένας Πολιτείας.

ΔΙΑΤΙ ΕΤΙΜΩΡΗΘΗ
Ο ΑΝΤΙΠΡΟΣΩΠΟΣ
ΤΟΥ «ΣΚΟΥΛ-ΜΙΝ»

ΑΘΗΝΑΙ, 4.— Εἰς τὸ κακουργιοδικεῖον Ἀθηνῶν συνεχίσθη σήμερον ἡ δίκη τοῦ ἀστυφύλακος καὶ τοῦ ἀδελφοῦ του, κατηγορουμένων διὰ τὴν δολοφονίαν τοῦ δικηγόρου.
